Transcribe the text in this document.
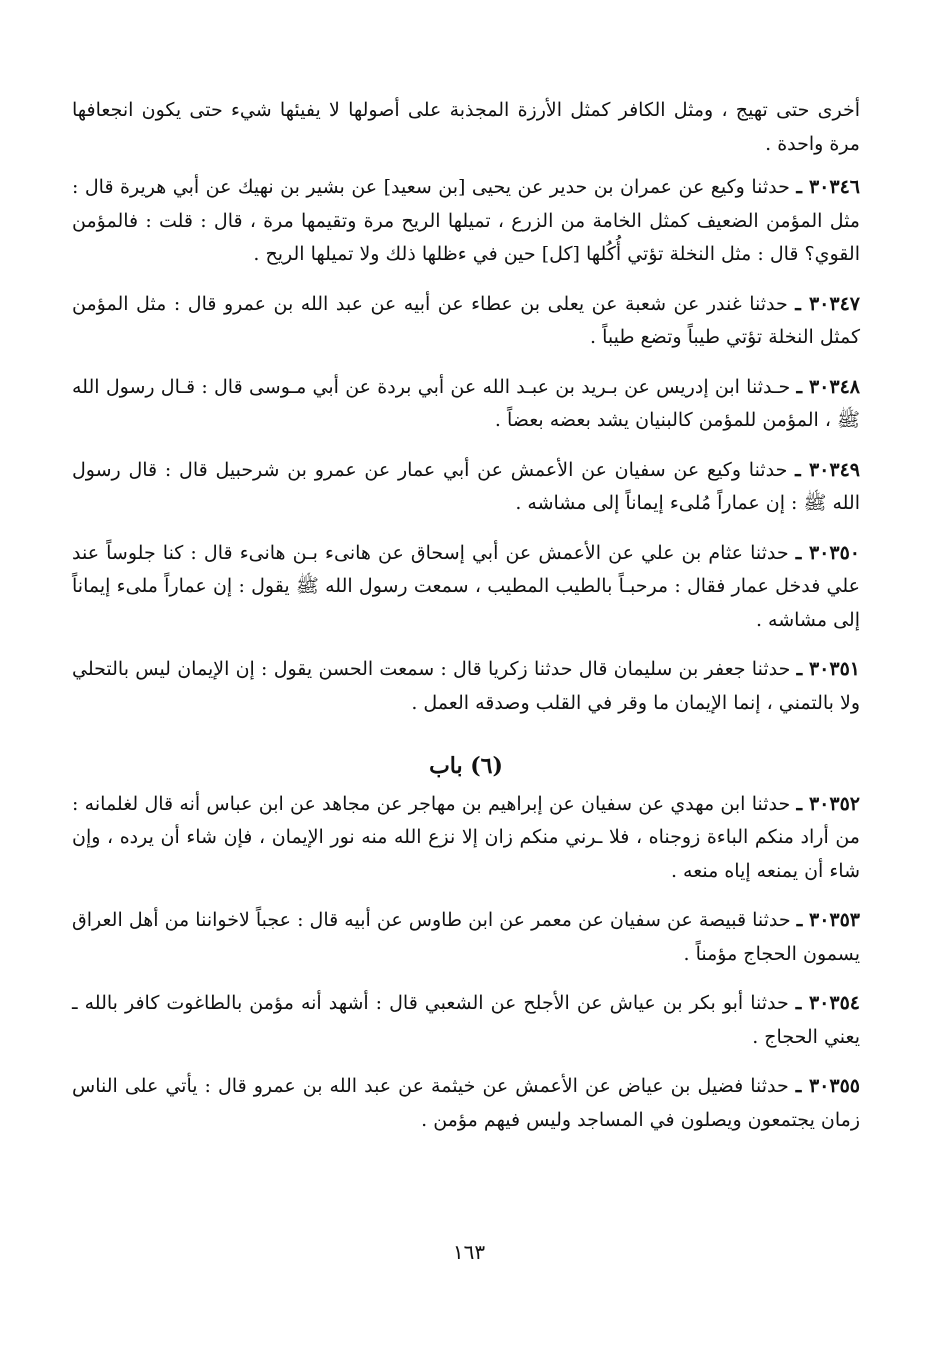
أخرى حتى تهيج ، ومثل الكافر كمثل الأرزة المجذبة على أصولها لا يفيئها شيء حتى يكون انجعافها مرة واحدة .

٣٠٣٤٦ ـ حدثنا وكيع عن عمران بن حدير عن يحيى [بن سعيد] عن بشير بن نهيك عن أبي هريرة قال : مثل المؤمن الضعيف كمثل الخامة من الزرع ، تميلها الريح مرة وتقيمها مرة ، قال : قلت : فالمؤمن القوي؟ قال : مثل النخلة تؤتي أُكُلها [كل] حين في ءظلها ذلك ولا تميلها الريح .

٣٠٣٤٧ ـ حدثنا غندر عن شعبة عن يعلى بن عطاء عن أبيه عن عبد الله بن عمرو قال : مثل المؤمن كمثل النخلة تؤتي طيباً وتضع طيباً .

٣٠٣٤٨ ـ حـدثنا ابن إدريس عن بـريد بن عبـد الله عن أبي بردة عن أبي مـوسى قال : قـال رسول الله ﷺ ، المؤمن للمؤمن كالبنيان يشد بعضه بعضاً .

٣٠٣٤٩ ـ حدثنا وكيع عن سفيان عن الأعمش عن أبي عمار عن عمرو بن شرحبيل قال : قال رسول الله ﷺ : إن عماراً مُلىء إيماناً إلى مشاشه .

٣٠٣٥٠ ـ حدثنا عثام بن علي عن الأعمش عن أبي إسحاق عن هانىء بـن هانىء قال : كنا جلوساً عند علي فدخل عمار فقال : مرحبـاً بالطيب المطيب ، سمعت رسول الله ﷺ يقول : إن عماراً ملىء إيماناً إلى مشاشه .

٣٠٣٥١ ـ حدثنا جعفر بن سليمان قال حدثنا زكريا قال : سمعت الحسن يقول : إن الإيمان ليس بالتحلي ولا بالتمني ، إنما الإيمان ما وقر في القلب وصدقه العمل .

(٦) باب

٣٠٣٥٢ ـ حدثنا ابن مهدي عن سفيان عن إبراهيم بن مهاجر عن مجاهد عن ابن عباس أنه قال لغلمانه : من أراد منكم الباءة زوجناه ، فلا ـرني منكم زان إلا نزع الله منه نور الإيمان ، فإن شاء أن يرده ، وإن شاء أن يمنعه إياه منعه .

٣٠٣٥٣ ـ حدثنا قبيصة عن سفيان عن معمر عن ابن طاوس عن أبيه قال : عجباً لاخواننا من أهل العراق يسمون الحجاج مؤمناً .

٣٠٣٥٤ ـ حدثنا أبو بكر بن عياش عن الأجلح عن الشعبي قال : أشهد أنه مؤمن بالطاغوت كافر بالله ـ يعني الحجاج .

٣٠٣٥٥ ـ حدثنا فضيل بن عياض عن الأعمش عن خيثمة عن عبد الله بن عمرو قال : يأتي على الناس زمان يجتمعون ويصلون في المساجد وليس فيهم مؤمن .

١٦٣
